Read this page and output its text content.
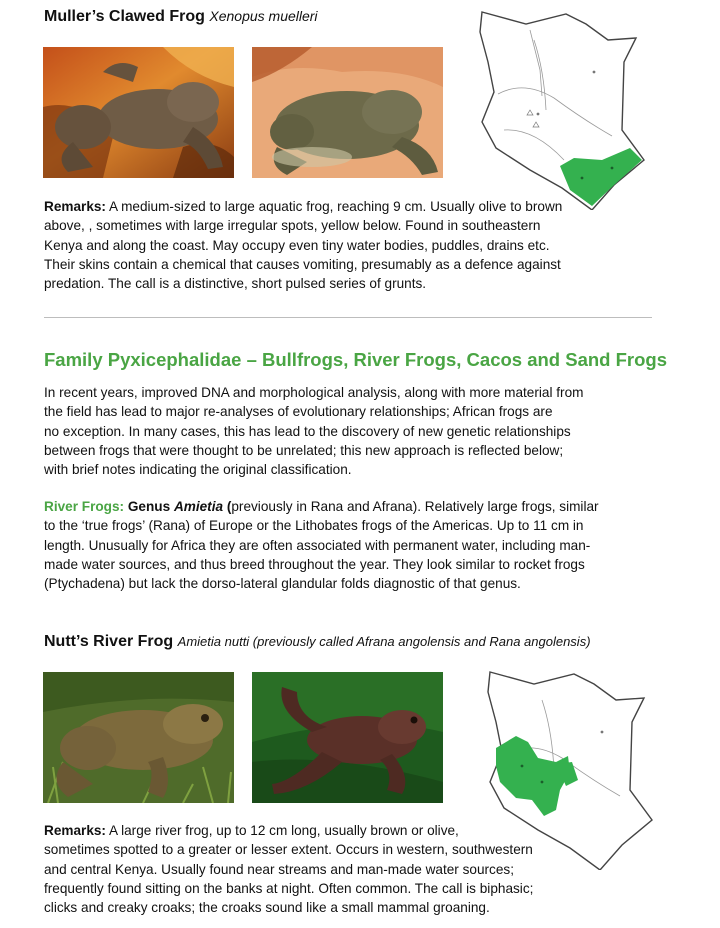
Muller’s Clawed Frog Xenopus muelleri
Remarks: A medium-sized to large aquatic frog, reaching 9 cm. Usually olive to brown
above, , sometimes with large irregular spots, yellow below. Found in southeastern
Kenya and along the coast. May occupy even tiny water bodies, puddles, drains etc.
Their skins contain a chemical that causes vomiting, presumably as a defence against
predation. The call is a distinctive, short pulsed series of grunts.
Family Pyxicephalidae – Bullfrogs, River Frogs, Cacos and Sand Frogs
In recent years, improved DNA and morphological analysis, along with more material from
the field has lead to major re-analyses of evolutionary relationships; African frogs are
no exception. In many cases, this has lead to the discovery of new genetic relationships
between frogs that were thought to be unrelated; this new approach is reflected below;
with brief notes indicating the original classification.
River Frogs: Genus Amietia (previously in Rana and Afrana). Relatively large frogs, similar
to the ‘true frogs’ (Rana) of Europe or the Lithobates frogs of the Americas. Up to 11 cm in
length. Unusually for Africa they are often associated with permanent water, including man-
made water sources, and thus breed throughout the year. They look similar to rocket frogs
(Ptychadena) but lack the dorso-lateral glandular folds diagnostic of that genus.
Nutt’s River Frog Amietia nutti (previously called Afrana angolensis and Rana angolensis)
Remarks: A large river frog, up to 12 cm long, usually brown or olive,
sometimes spotted to a greater or lesser extent. Occurs in western, southwestern
and central Kenya. Usually found near streams and man-made water sources;
frequently found sitting on the banks at night. Often common. The call is biphasic;
clicks and creaky croaks; the croaks sound like a small mammal groaning.
